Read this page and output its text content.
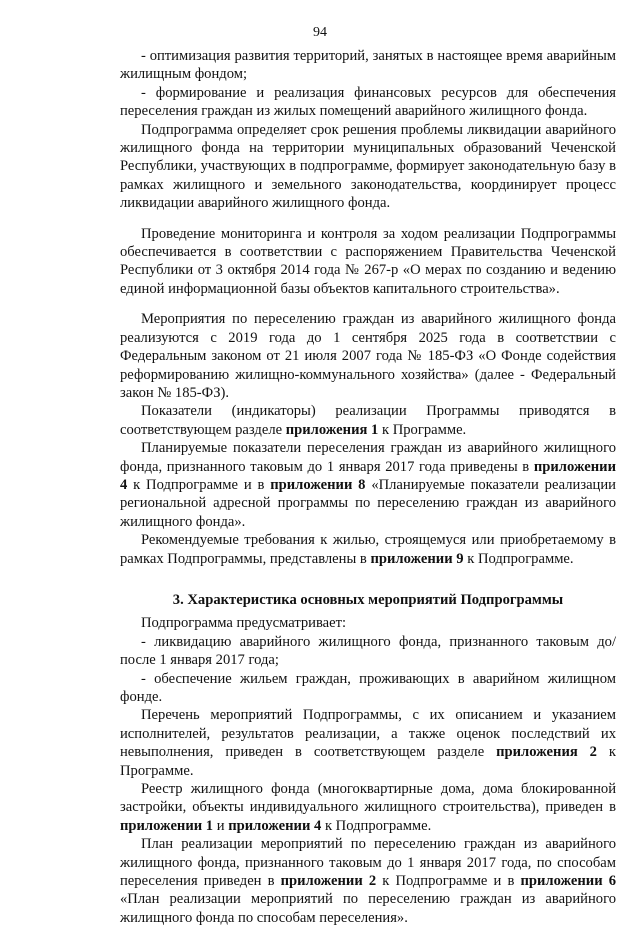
94

- оптимизация развития территорий, занятых в настоящее время аварийным жилищным фондом;

- формирование и реализация финансовых ресурсов для обеспечения переселения граждан из жилых помещений аварийного жилищного фонда.

Подпрограмма определяет срок решения проблемы ликвидации аварийного жилищного фонда на территории муниципальных образований Чеченской Республики, участвующих в подпрограмме, формирует законодательную базу в рамках жилищного и земельного законодательства, координирует процесс ликвидации аварийного жилищного фонда.

Проведение мониторинга и контроля за ходом реализации Подпрограммы обеспечивается в соответствии с распоряжением Правительства Чеченской Республики от 3 октября 2014 года № 267-р «О мерах по созданию и ведению единой информационной базы объектов капитального строительства».

Мероприятия по переселению граждан из аварийного жилищного фонда реализуются с 2019 года до 1 сентября 2025 года в соответствии с Федеральным законом от 21 июля 2007 года № 185-ФЗ «О Фонде содействия реформированию жилищно-коммунального хозяйства» (далее - Федеральный закон № 185-ФЗ).

Показатели (индикаторы) реализации Программы приводятся в соответствующем разделе приложения 1 к Программе.

Планируемые показатели переселения граждан из аварийного жилищного фонда, признанного таковым до 1 января 2017 года приведены в приложении 4 к Подпрограмме и в приложении 8 «Планируемые показатели реализации региональной адресной программы по переселению граждан из аварийного жилищного фонда».

Рекомендуемые требования к жилью, строящемуся или приобретаемому в рамках Подпрограммы, представлены в приложении 9 к Подпрограмме.

3. Характеристика основных мероприятий Подпрограммы

Подпрограмма предусматривает:

- ликвидацию аварийного жилищного фонда, признанного таковым до/после 1 января 2017 года;

- обеспечение жильем граждан, проживающих в аварийном жилищном фонде.

Перечень мероприятий Подпрограммы, с их описанием и указанием исполнителей, результатов реализации, а также оценок последствий их невыполнения, приведен в соответствующем разделе приложения 2 к Программе.

Реестр жилищного фонда (многоквартирные дома, дома блокированной застройки, объекты индивидуального жилищного строительства), приведен в приложении 1 и приложении 4 к Подпрограмме.

План реализации мероприятий по переселению граждан из аварийного жилищного фонда, признанного таковым до 1 января 2017 года, по способам переселения приведен в приложении 2 к Подпрограмме и в приложении 6 «План реализации мероприятий по переселению граждан из аварийного жилищного фонда по способам переселения».
